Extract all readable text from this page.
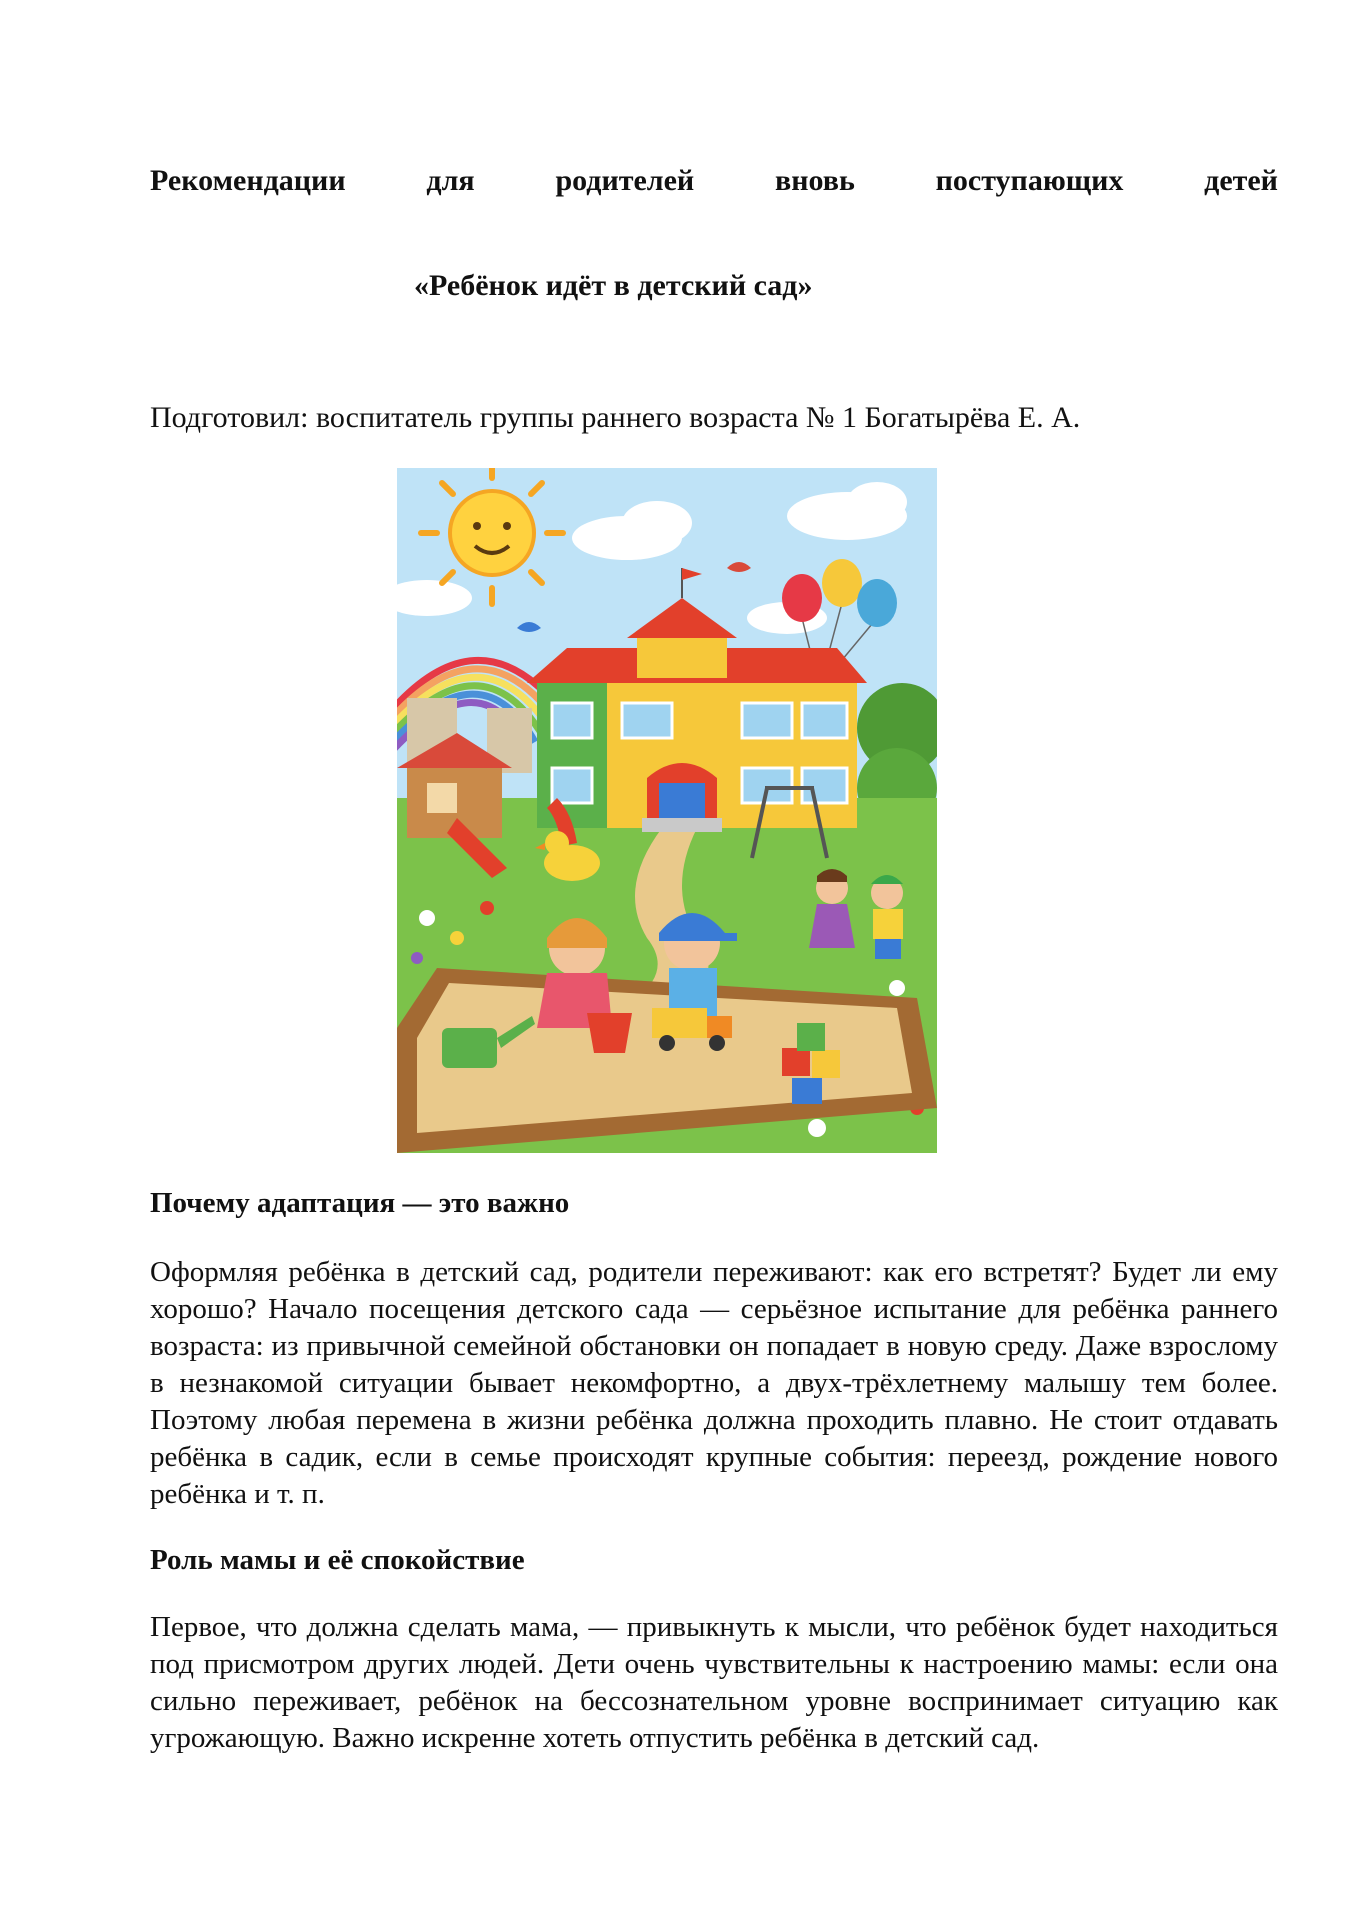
Рекомендации	для	родителей	вновь	поступающих	детей
«Ребёнок идёт в детский сад»
Подготовил: воспитатель группы раннего возраста № 1 Богатырёва Е. А.
Почему адаптация — это важно
Оформляя ребёнка в детский сад, родители переживают: как его встретят? Будет ли ему хорошо? Начало посещения детского сада — серьёзное испытание для ребёнка раннего возраста: из привычной семейной обстановки он попадает в новую среду. Даже взрослому в незнакомой ситуации бывает некомфортно, а двух-трёхлетнему малышу тем более. Поэтому любая перемена в жизни ребёнка должна проходить плавно. Не стоит отдавать ребёнка в садик, если в семье происходят крупные события: переезд, рождение нового ребёнка и т. п.
Роль мамы и её спокойствие
Первое, что должна сделать мама, — привыкнуть к мысли, что ребёнок будет находиться под присмотром других людей. Дети очень чувствительны к настроению мамы: если она сильно переживает, ребёнок на бессознательном уровне воспринимает ситуацию как угрожающую. Важно искренне хотеть отпустить ребёнка в детский сад.
